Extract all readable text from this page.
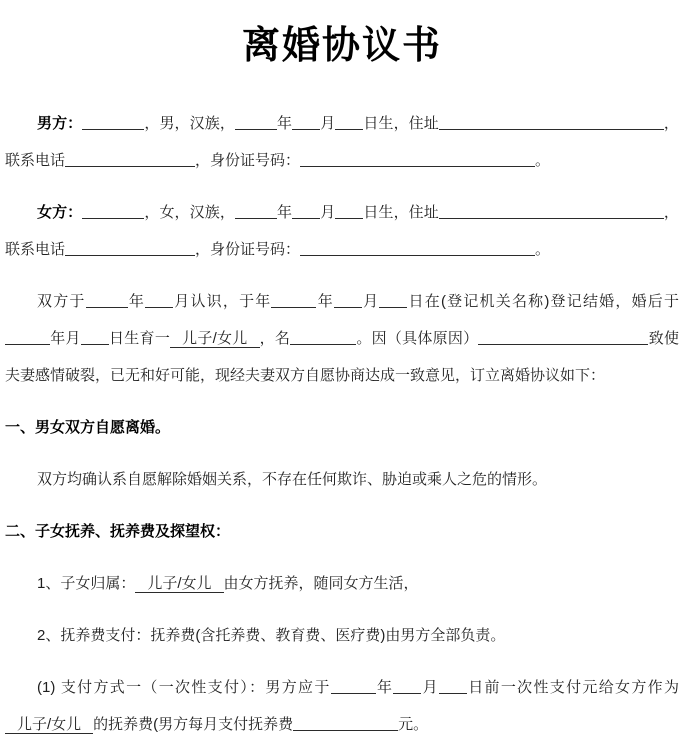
离婚协议书

男方：	，男，汉族，	年 月 日生，住址	，联系电话	，身份证号码：	。

女方：	，女，汉族，	年 月 日生，住址	，联系电话	，身份证号码：	。

双方于	年 月认识，于年	年 月 日在(登记机关名称)登记结婚，婚后于年月 日生育一 儿子/女儿 ，名	。因（具体原因）	致使夫妻感情破裂，已无和好可能，现经夫妻双方自愿协商达成一致意见，订立离婚协议如下：

一、男女双方自愿离婚。

双方均确认系自愿解除婚姻关系，不存在任何欺诈、胁迫或乘人之危的情形。

二、子女抚养、抚养费及探望权：

1、子女归属： 儿子/女儿 由女方抚养，随同女方生活，

2、抚养费支付：抚养费(含托养费、教育费、医疗费)由男方全部负责。

(1) 支付方式一（一次性支付）：男方应于	年 月 日前一次性支付元给女方作为儿子/女儿 的抚养费(男方每月支付抚养费	元。
